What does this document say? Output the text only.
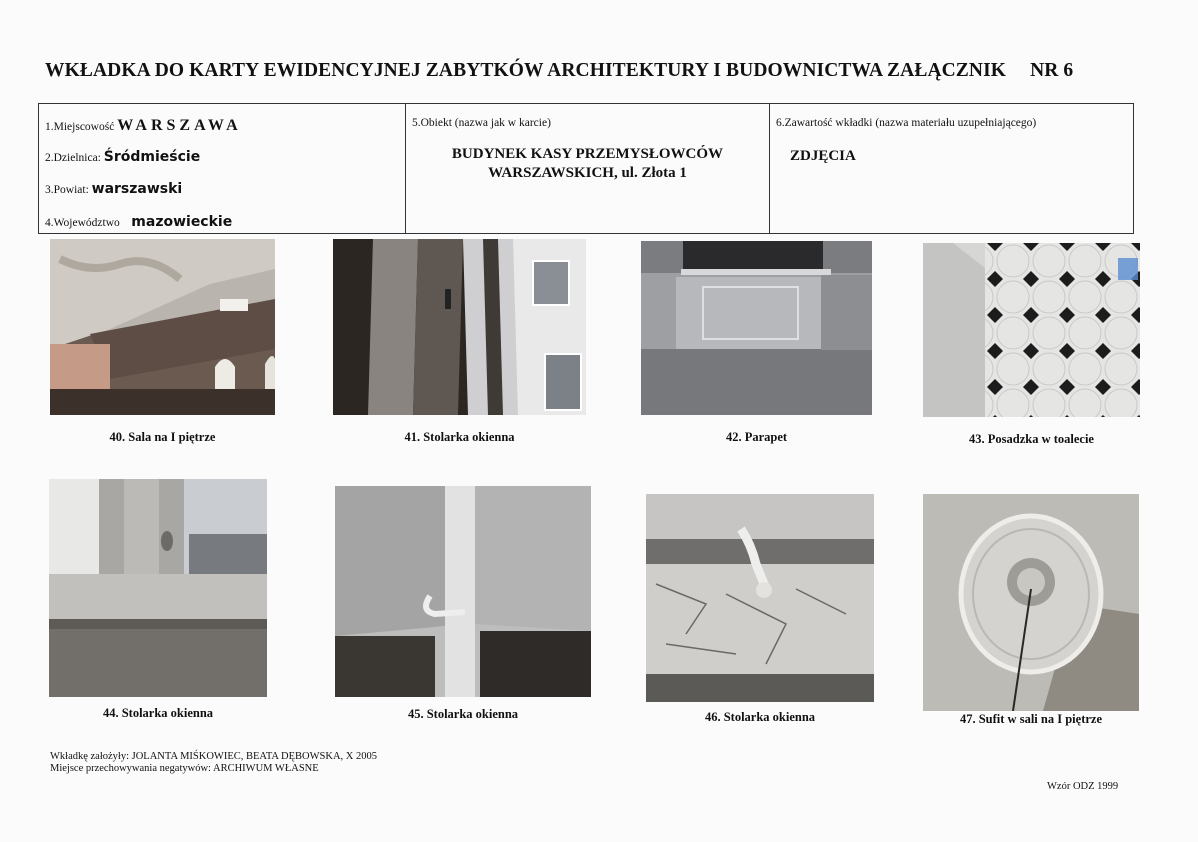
WKŁADKA DO KARTY EWIDENCYJNEJ ZABYTKÓW ARCHITEKTURY I BUDOWNICTWA ZAŁĄCZNIK NR 6
1.Miejscowość WARSZAWA
2.Dzielnica: Śródmieście
3.Powiat: warszawski
4.Województwo mazowieckie
5.Obiekt (nazwa jak w karcie)
BUDYNEK KASY PRZEMYSŁOWCÓW
WARSZAWSKICH, ul. Złota 1
6.Zawartość wkładki (nazwa materiału uzupełniającego)
ZDJĘCIA
40. Sala na I piętrze	41. Stolarka okienna	42. Parapet	43. Posadzka w toalecie
44. Stolarka okienna	45. Stolarka okienna	46. Stolarka okienna	47. Sufit w sali na I piętrze
Wkładkę założyły: JOLANTA MIŚKOWIEC, BEATA DĘBOWSKA, X 2005
Miejsce przechowywania negatywów: ARCHIWUM WŁASNE
Wzór ODZ 1999
